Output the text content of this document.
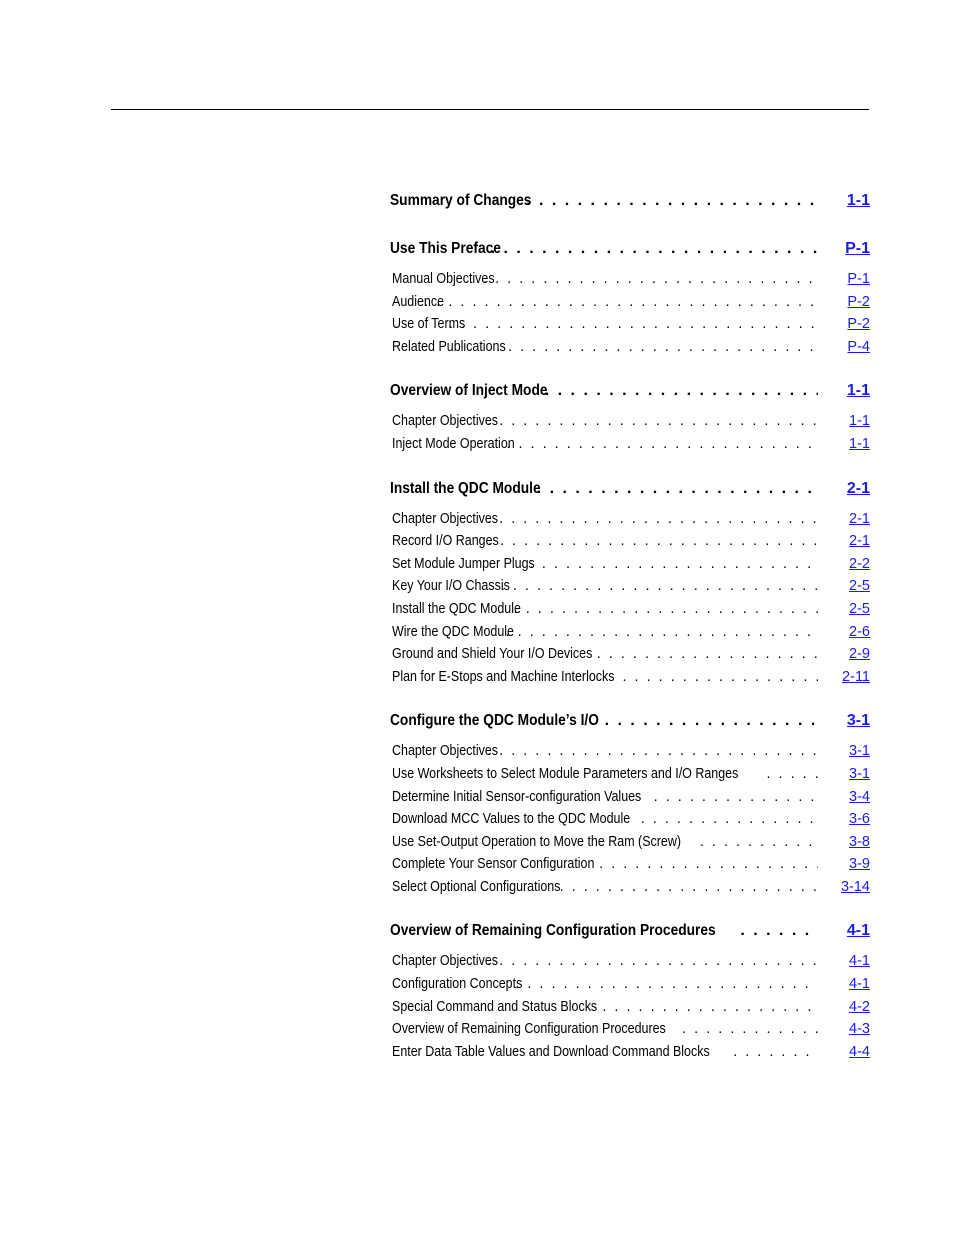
Summary of Changes . . .	1-1
Use This Preface . . .	P-1
Manual Objectives . . .	P-1
Audience . . .	P-2
Use of Terms . . .	P-2
Related Publications . . .	P-4
Overview of Inject Mode . . .	1-1
Chapter Objectives . . .	1-1
Inject Mode Operation . . .	1-1
Install the QDC Module . . .	2-1
Chapter Objectives . . .	2-1
Record I/O Ranges . . .	2-1
Set Module Jumper Plugs . . .	2-2
Key Your I/O Chassis . . .	2-5
Install the QDC Module . . .	2-5
Wire the QDC Module . . .	2-6
Ground and Shield Your I/O Devices . . .	2-9
Plan for E-Stops and Machine Interlocks . . .	2-11
Configure the QDC Module’s I/O . . .	3-1
Chapter Objectives . . .	3-1
Use Worksheets to Select Module Parameters and I/O Ranges . . .	3-1
Determine Initial Sensor-configuration Values . . .	3-4
Download MCC Values to the QDC Module . . .	3-6
Use Set-Output Operation to Move the Ram (Screw) . . .	3-8
Complete Your Sensor Configuration . . .	3-9
Select Optional Configurations . . .	3-14
Overview of Remaining Configuration Procedures . . .	4-1
Chapter Objectives . . .	4-1
Configuration Concepts . . .	4-1
Special Command and Status Blocks . . .	4-2
Overview of Remaining Configuration Procedures . . .	4-3
Enter Data Table Values and Download Command Blocks . . .	4-4
